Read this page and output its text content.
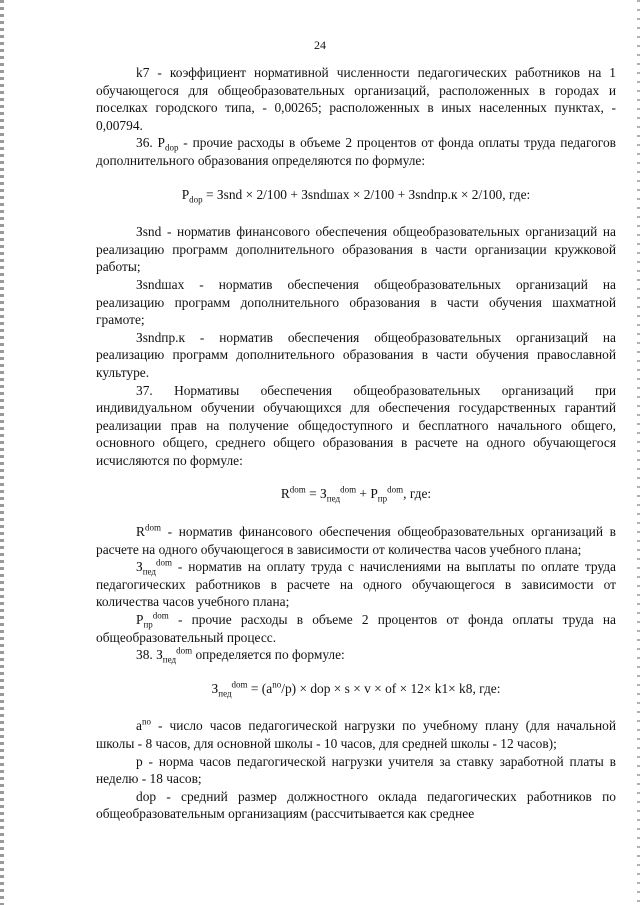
24

k7 - коэффициент нормативной численности педагогических работников на 1 обучающегося для общеобразовательных организаций, расположенных в городах и поселках городского типа, - 0,00265; расположенных в иных населенных пунктах, - 0,00794.

36. $P_{dop}$ - прочие расходы в объеме 2 процентов от фонда оплаты труда педагогов дополнительного образования определяются по формуле:

$P_{dop}$ = Зsnd × 2/100 + Зsndшах × 2/100 + Зsndпр.к × 2/100, где:

Зsnd - норматив финансового обеспечения общеобразовательных организаций на реализацию программ дополнительного образования в части организации кружковой работы;

Зsndшах - норматив обеспечения общеобразовательных организаций на реализацию программ дополнительного образования в части обучения шахматной грамоте;

Зsndпр.к - норматив обеспечения общеобразовательных организаций на реализацию программ дополнительного образования в части обучения православной культуре.

37. Нормативы обеспечения общеобразовательных организаций при индивидуальном обучении обучающихся для обеспечения государственных гарантий реализации прав на получение общедоступного и бесплатного начального общего, основного общего, среднего общего образования в расчете на одного обучающегося исчисляются по формуле:

$R^{dom} = З_{пед}^{dom} + P_{пр}^{dom}$, где:

$R^{dom}$ - норматив финансового обеспечения общеобразовательных организаций в расчете на одного обучающегося в зависимости от количества часов учебного плана;

$З_{пед}^{dom}$ - норматив на оплату труда с начислениями на выплаты по оплате труда педагогических работников в расчете на одного обучающегося в зависимости от количества часов учебного плана;

$P_{пр}^{dom}$ - прочие расходы в объеме 2 процентов от фонда оплаты труда на общеобразовательный процесс.

38. $З_{пед}^{dom}$ определяется по формуле:

$З_{пед}^{dom} = (a^{no}/p)$ × dop × s × v × of × 12× k1× k8, где:

$a^{no}$ - число часов педагогической нагрузки по учебному плану (для начальной школы - 8 часов, для основной школы - 10 часов, для средней школы - 12 часов);

р - норма часов педагогической нагрузки учителя за ставку заработной платы в неделю - 18 часов;

dop - средний размер должностного оклада педагогических работников по общеобразовательным организациям (рассчитывается как среднее
